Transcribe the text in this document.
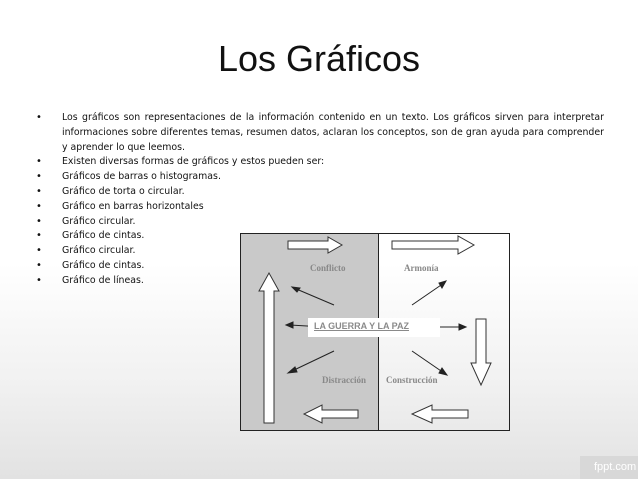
Los Gráficos
• Los gráficos son representaciones de la información contenido en un texto. Los gráficos sirven para interpretar informaciones sobre diferentes temas, resumen datos, aclaran los conceptos, son de gran ayuda para comprender y aprender lo que leemos.
• Existen diversas formas de gráficos y estos pueden ser:
• Gráficos de barras o histogramas.
• Gráfico de torta o circular.
• Gráfico en barras horizontales
• Gráfico circular.
• Gráfico de cintas.
• Gráfico circular.
• Gráfico de cintas.
• Gráfico de líneas.
Conflicto	Armonía
LA GUERRA Y LA PAZ
Distracción Construcción
fppt.com
